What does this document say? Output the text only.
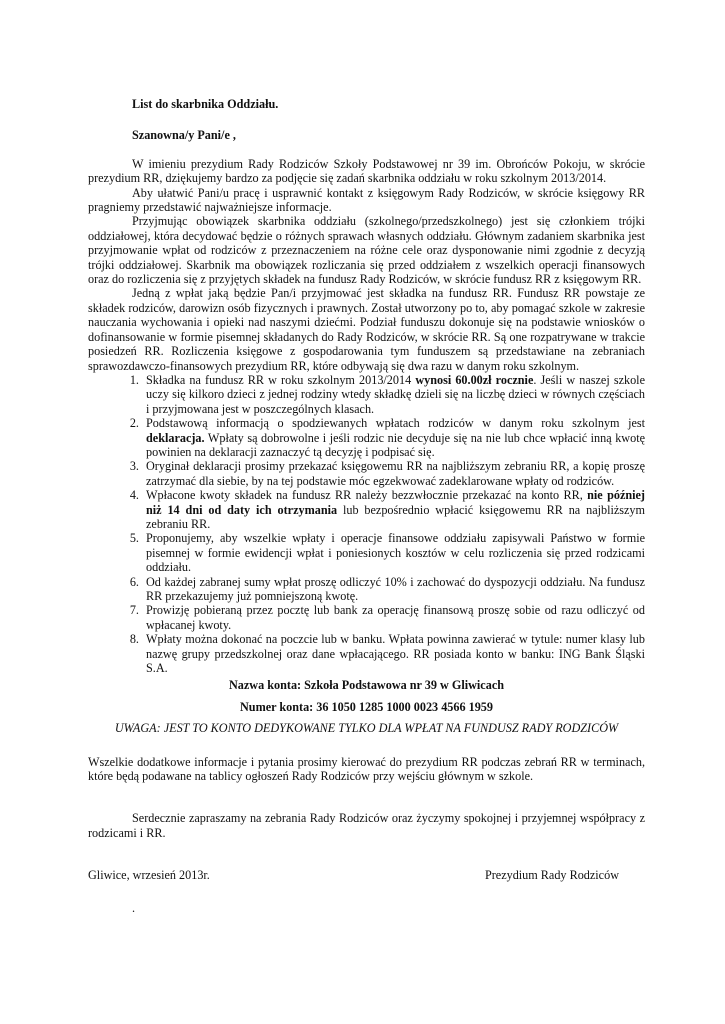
List do skarbnika Oddziału.

Szanowna/y Pani/e ,

W imieniu prezydium Rady Rodziców Szkoły Podstawowej nr 39 im. Obrońców Pokoju, w skrócie prezydium RR, dziękujemy bardzo za podjęcie się zadań skarbnika oddziału w roku szkolnym 2013/2014.

Aby ułatwić Pani/u pracę i usprawnić kontakt z księgowym Rady Rodziców, w skrócie księgowy RR pragniemy przedstawić najważniejsze informacje.

Przyjmując obowiązek skarbnika oddziału (szkolnego/przedszkolnego) jest się członkiem trójki oddziałowej, która decydować będzie o różnych sprawach własnych oddziału. Głównym zadaniem skarbnika jest przyjmowanie wpłat od rodziców z przeznaczeniem na różne cele oraz dysponowanie nimi zgodnie z decyzją trójki oddziałowej. Skarbnik ma obowiązek rozliczania się przed oddziałem z wszelkich operacji finansowych oraz do rozliczenia się z przyjętych składek na fundusz Rady Rodziców, w skrócie fundusz RR z księgowym RR.

Jedną z wpłat jaką będzie Pan/i przyjmować jest składka na fundusz RR. Fundusz RR powstaje ze składek rodziców, darowizn osób fizycznych i prawnych. Został utworzony po to, aby pomagać szkole w zakresie nauczania wychowania i opieki nad naszymi dziećmi. Podział funduszu dokonuje się na podstawie wniosków o dofinansowanie w formie pisemnej składanych do Rady Rodziców, w skrócie RR. Są one rozpatrywane w trakcie posiedzeń RR. Rozliczenia księgowe z gospodarowania tym funduszem są przedstawiane na zebraniach sprawozdawczo-finansowych prezydium RR, które odbywają się dwa razu w danym roku szkolnym.

1. Składka na fundusz RR w roku szkolnym 2013/2014 wynosi 60.00zł rocznie. Jeśli w naszej szkole uczy się kilkoro dzieci z jednej rodziny wtedy składkę dzieli się na liczbę dzieci w równych częściach i przyjmowana jest w poszczególnych klasach.
2. Podstawową informacją o spodziewanych wpłatach rodziców w danym roku szkolnym jest deklaracja. Wpłaty są dobrowolne i jeśli rodzic nie decyduje się na nie lub chce wpłacić inną kwotę powinien na deklaracji zaznaczyć tą decyzję i podpisać się.
3. Oryginał deklaracji prosimy przekazać księgowemu RR na najbliższym zebraniu RR, a kopię proszę zatrzymać dla siebie, by na tej podstawie móc egzekwować zadeklarowane wpłaty od rodziców.
4. Wpłacone kwoty składek na fundusz RR należy bezzwłocznie przekazać na konto RR, nie później niż 14 dni od daty ich otrzymania lub bezpośrednio wpłacić księgowemu RR na najbliższym zebraniu RR.
5. Proponujemy, aby wszelkie wpłaty i operacje finansowe oddziału zapisywali Państwo w formie pisemnej w formie ewidencji wpłat i poniesionych kosztów w celu rozliczenia się przed rodzicami oddziału.
6. Od każdej zabranej sumy wpłat proszę odliczyć 10% i zachować do dyspozycji oddziału. Na fundusz RR przekazujemy już pomniejszoną kwotę.
7. Prowizję pobieraną przez pocztę lub bank za operację finansową proszę sobie od razu odliczyć od wpłacanej kwoty.
8. Wpłaty można dokonać na poczcie lub w banku. Wpłata powinna zawierać w tytule: numer klasy lub nazwę grupy przedszkolnej oraz dane wpłacającego. RR posiada konto w banku: ING Bank Śląski S.A.

Nazwa konta: Szkoła Podstawowa nr 39 w Gliwicach

Numer konta: 36 1050 1285 1000 0023 4566 1959

UWAGA: JEST TO KONTO DEDYKOWANE TYLKO DLA WPŁAT NA FUNDUSZ RADY RODZICÓW

Wszelkie dodatkowe informacje i pytania prosimy kierować do prezydium RR podczas zebrań RR w terminach, które będą podawane na tablicy ogłoszeń Rady Rodziców przy wejściu głównym w szkole.

Serdecznie zapraszamy na zebrania Rady Rodziców oraz życzymy spokojnej i przyjemnej współpracy z rodzicami i RR.

Gliwice, wrzesień 2013r.	Prezydium Rady Rodziców

.
